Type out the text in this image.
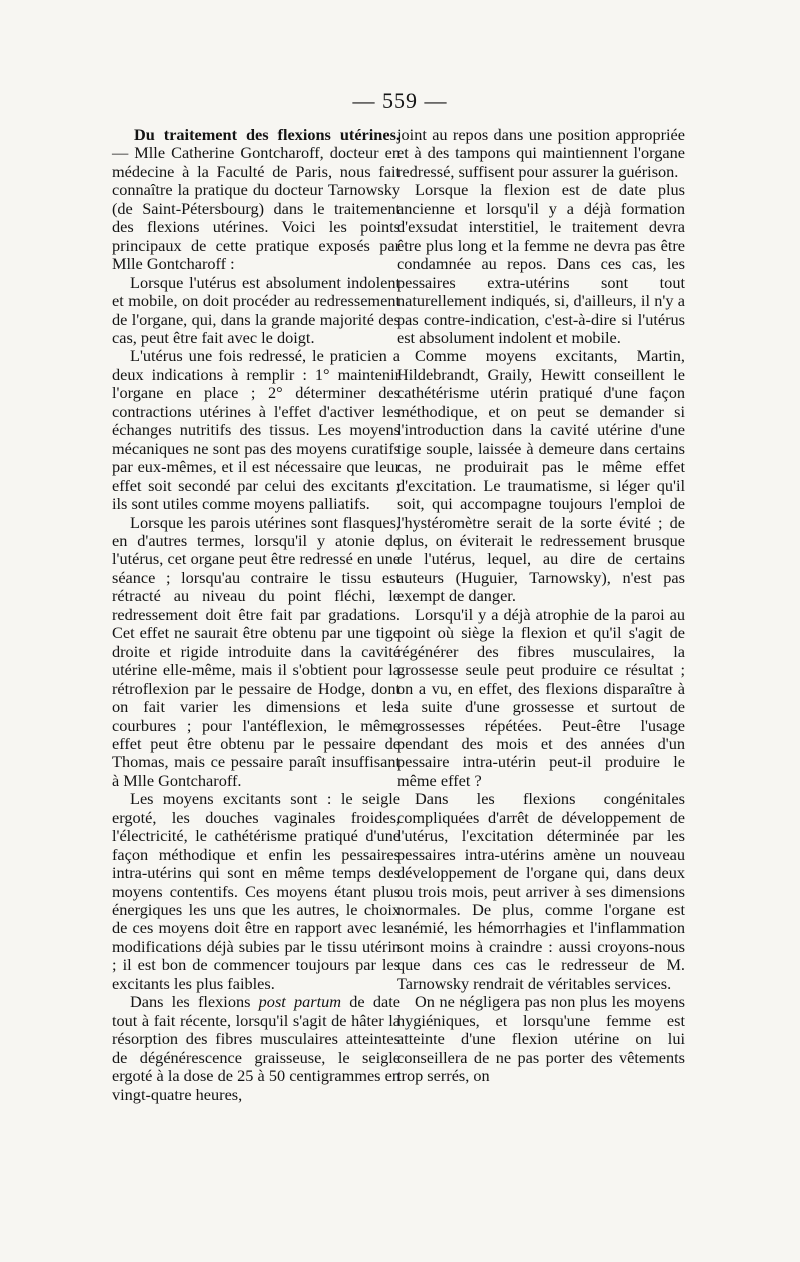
— 559 —

Du traitement des flexions utérines. — Mlle Catherine Gontcharoff, docteur en médecine à la Faculté de Paris, nous fait connaître la pratique du docteur Tarnowsky (de Saint-Pétersbourg) dans le traitement des flexions utérines. Voici les points principaux de cette pratique exposés par Mlle Gontcharoff :

Lorsque l'utérus est absolument indolent et mobile, on doit procéder au redressement de l'organe, qui, dans la grande majorité des cas, peut être fait avec le doigt.

L'utérus une fois redressé, le praticien a deux indications à remplir : 1° maintenir l'organe en place ; 2° déterminer des contractions utérines à l'effet d'activer les échanges nutritifs des tissus. Les moyens mécaniques ne sont pas des moyens curatifs par eux-mêmes, et il est nécessaire que leur effet soit secondé par celui des excitants ; ils sont utiles comme moyens palliatifs.

Lorsque les parois utérines sont flasques, en d'autres termes, lorsqu'il y atonie de l'utérus, cet organe peut être redressé en une séance ; lorsqu'au contraire le tissu est rétracté au niveau du point fléchi, le redressement doit être fait par gradations. Cet effet ne saurait être obtenu par une tige droite et rigide introduite dans la cavité utérine elle-même, mais il s'obtient pour la rétroflexion par le pessaire de Hodge, dont on fait varier les dimensions et les courbures ; pour l'antéflexion, le même effet peut être obtenu par le pessaire de Thomas, mais ce pessaire paraît insuffisant à Mlle Gontcharoff.

Les moyens excitants sont : le seigle ergoté, les douches vaginales froides, l'électricité, le cathétérisme pratiqué d'une façon méthodique et enfin les pessaires intra-utérins qui sont en même temps des moyens contentifs. Ces moyens étant plus énergiques les uns que les autres, le choix de ces moyens doit être en rapport avec les modifications déjà subies par le tissu utérin ; il est bon de commencer toujours par les excitants les plus faibles.

Dans les flexions post partum de date tout à fait récente, lorsqu'il s'agit de hâter la résorption des fibres musculaires atteintes de dégénérescence graisseuse, le seigle ergoté à la dose de 25 à 50 centigrammes en vingt-quatre heures,

joint au repos dans une position appropriée et à des tampons qui maintiennent l'organe redressé, suffisent pour assurer la guérison.

Lorsque la flexion est de date plus ancienne et lorsqu'il y a déjà formation d'exsudat interstitiel, le traitement devra être plus long et la femme ne devra pas être condamnée au repos. Dans ces cas, les pessaires extra-utérins sont tout naturellement indiqués, si, d'ailleurs, il n'y a pas contre-indication, c'est-à-dire si l'utérus est absolument indolent et mobile.

Comme moyens excitants, Martin, Hildebrandt, Graily, Hewitt conseillent le cathétérisme utérin pratiqué d'une façon méthodique, et on peut se demander si l'introduction dans la cavité utérine d'une tige souple, laissée à demeure dans certains cas, ne produirait pas le même effet d'excitation. Le traumatisme, si léger qu'il soit, qui accompagne toujours l'emploi de l'hystéromètre serait de la sorte évité ; de plus, on éviterait le redressement brusque de l'utérus, lequel, au dire de certains auteurs (Huguier, Tarnowsky), n'est pas exempt de danger.

Lorsqu'il y a déjà atrophie de la paroi au point où siège la flexion et qu'il s'agit de régénérer des fibres musculaires, la grossesse seule peut produire ce résultat ; on a vu, en effet, des flexions disparaître à la suite d'une grossesse et surtout de grossesses répétées. Peut-être l'usage pendant des mois et des années d'un pessaire intra-utérin peut-il produire le même effet ?

Dans les flexions congénitales compliquées d'arrêt de développement de l'utérus, l'excitation déterminée par les pessaires intra-utérins amène un nouveau développement de l'organe qui, dans deux ou trois mois, peut arriver à ses dimensions normales. De plus, comme l'organe est anémié, les hémorrhagies et l'inflammation sont moins à craindre : aussi croyons-nous que dans ces cas le redresseur de M. Tarnowsky rendrait de véritables services.

On ne négligera pas non plus les moyens hygiéniques, et lorsqu'une femme est atteinte d'une flexion utérine on lui conseillera de ne pas porter des vêtements trop serrés, on
